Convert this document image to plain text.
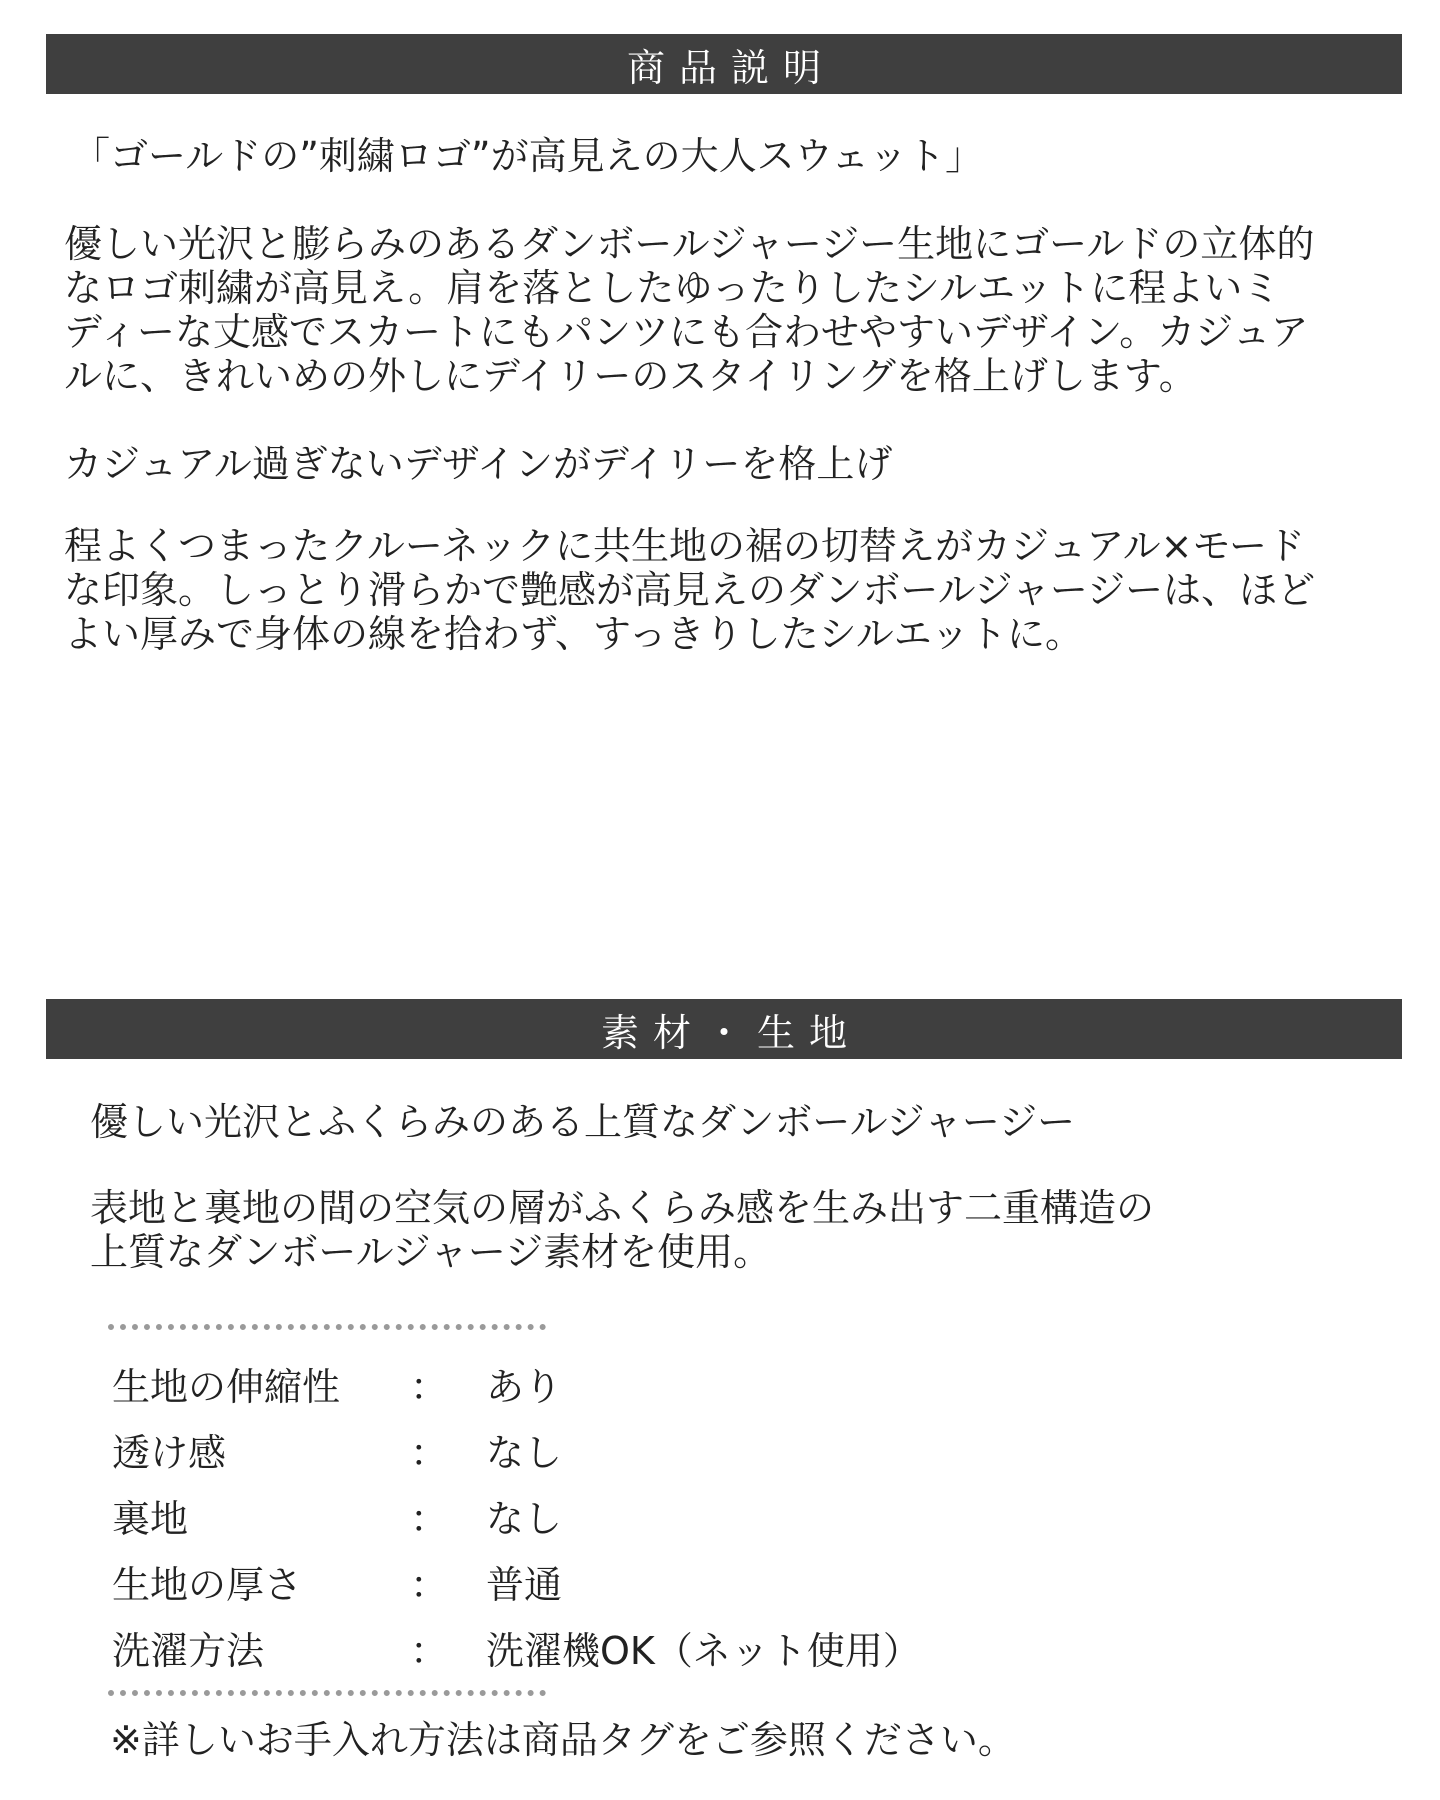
商品説明
「ゴールドの”刺繍ロゴ”が高見えの大人スウェット」
優しい光沢と膨らみのあるダンボールジャージー生地にゴールドの立体的
なロゴ刺繍が高見え。肩を落としたゆったりしたシルエットに程よいミ
ディーな丈感でスカートにもパンツにも合わせやすいデザイン。カジュア
ルに、きれいめの外しにデイリーのスタイリングを格上げします。
カジュアル過ぎないデザインがデイリーを格上げ
程よくつまったクルーネックに共生地の裾の切替えがカジュアル×モード
な印象。しっとり滑らかで艶感が高見えのダンボールジャージーは、ほど
よい厚みで身体の線を拾わず、すっきりしたシルエットに。
素材・生地
優しい光沢とふくらみのある上質なダンボールジャージー
表地と裏地の間の空気の層がふくらみ感を生み出す二重構造の
上質なダンボールジャージ素材を使用。
生地の伸縮性 ： あり
透け感	： なし
裏地	： なし
生地の厚さ	： 普通
洗濯方法	： 洗濯機OK（ネット使用）
※詳しいお手入れ方法は商品タグをご参照ください。
